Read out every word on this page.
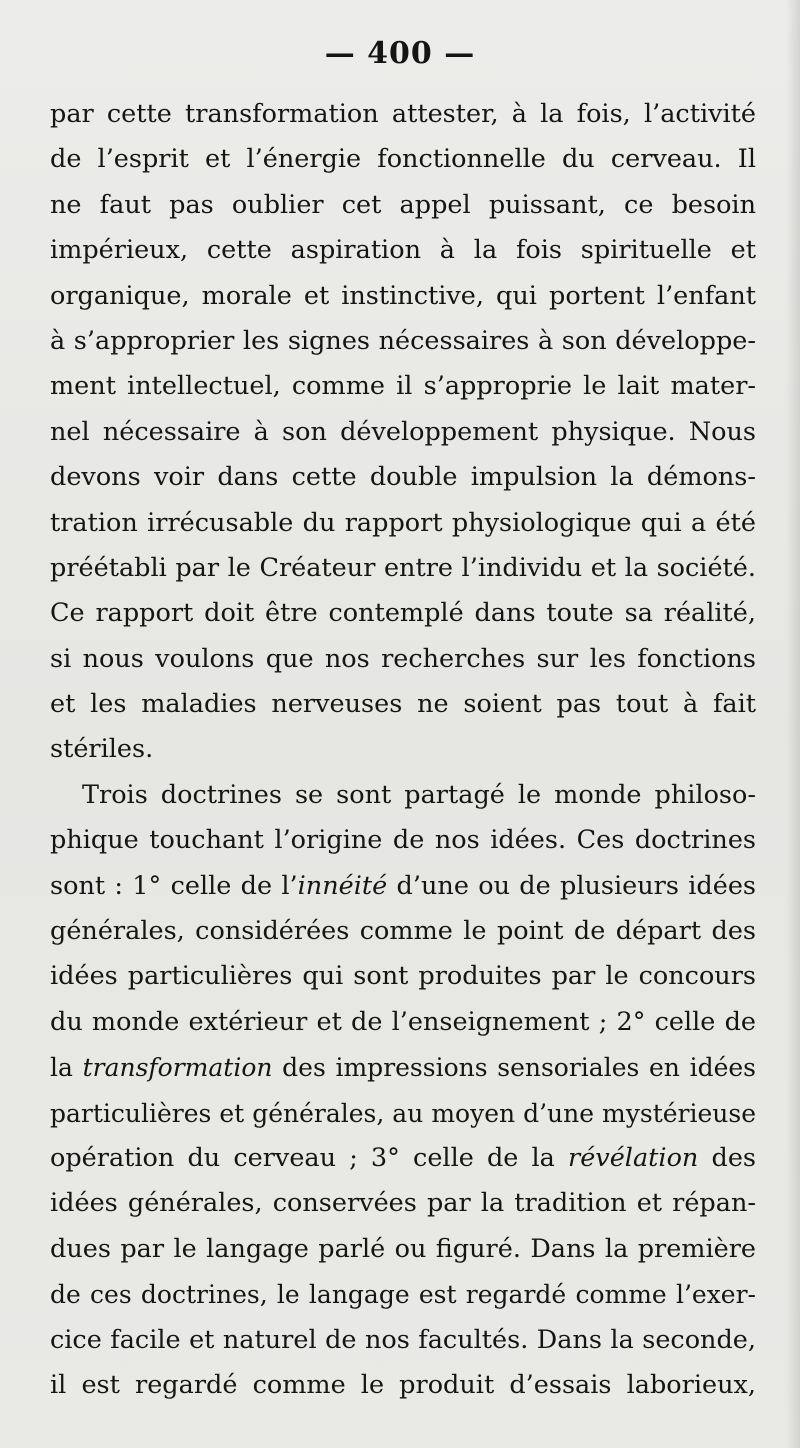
— 400 —
par cette transformation attester, à la fois, l’activité
de l’esprit et l’énergie fonctionnelle du cerveau. Il
ne faut pas oublier cet appel puissant, ce besoin
impérieux, cette aspiration à la fois spirituelle et
organique, morale et instinctive, qui portent l’enfant
à s’approprier les signes nécessaires à son développe-
ment intellectuel, comme il s’approprie le lait mater-
nel nécessaire à son développement physique. Nous
devons voir dans cette double impulsion la démons-
tration irrécusable du rapport physiologique qui a été
préétabli par le Créateur entre l’individu et la société.
Ce rapport doit être contemplé dans toute sa réalité,
si nous voulons que nos recherches sur les fonctions
et les maladies nerveuses ne soient pas tout à fait
stériles.
Trois doctrines se sont partagé le monde philoso-
phique touchant l’origine de nos idées. Ces doctrines
sont : 1° celle de l’innéité d’une ou de plusieurs idées
générales, considérées comme le point de départ des
idées particulières qui sont produites par le concours
du monde extérieur et de l’enseignement ; 2° celle de
la transformation des impressions sensoriales en idées
particulières et générales, au moyen d’une mystérieuse
opération du cerveau ; 3° celle de la révélation des
idées générales, conservées par la tradition et répan-
dues par le langage parlé ou figuré. Dans la première
de ces doctrines, le langage est regardé comme l’exer-
cice facile et naturel de nos facultés. Dans la seconde,
il est regardé comme le produit d’essais laborieux,
